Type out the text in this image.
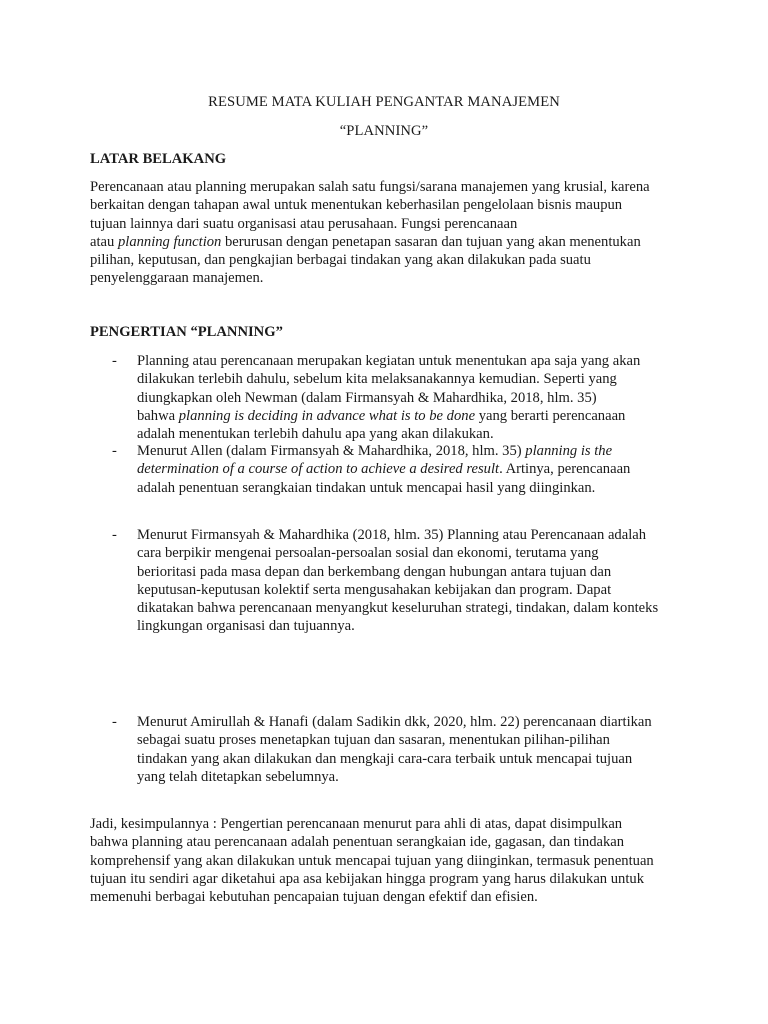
RESUME MATA KULIAH PENGANTAR MANAJEMEN
“PLANNING”
LATAR BELAKANG
Perencanaan atau planning merupakan salah satu fungsi/sarana manajemen yang krusial, karena
berkaitan dengan tahapan awal untuk menentukan keberhasilan pengelolaan bisnis maupun
tujuan lainnya dari suatu organisasi atau perusahaan. Fungsi perencanaan
atau planning function berurusan dengan penetapan sasaran dan tujuan yang akan menentukan
pilihan, keputusan, dan pengkajian berbagai tindakan yang akan dilakukan pada suatu
penyelenggaraan manajemen.
PENGERTIAN “PLANNING”
- Planning atau perencanaan merupakan kegiatan untuk menentukan apa saja yang akan
dilakukan terlebih dahulu, sebelum kita melaksanakannya kemudian. Seperti yang
diungkapkan oleh Newman (dalam Firmansyah & Mahardhika, 2018, hlm. 35)
bahwa planning is deciding in advance what is to be done yang berarti perencanaan
adalah menentukan terlebih dahulu apa yang akan dilakukan.
- Menurut Allen (dalam Firmansyah & Mahardhika, 2018, hlm. 35) planning is the
determination of a course of action to achieve a desired result. Artinya, perencanaan
adalah penentuan serangkaian tindakan untuk mencapai hasil yang diinginkan.
- Menurut Firmansyah & Mahardhika (2018, hlm. 35) Planning atau Perencanaan adalah
cara berpikir mengenai persoalan-persoalan sosial dan ekonomi, terutama yang
berioritasi pada masa depan dan berkembang dengan hubungan antara tujuan dan
keputusan-keputusan kolektif serta mengusahakan kebijakan dan program. Dapat
dikatakan bahwa perencanaan menyangkut keseluruhan strategi, tindakan, dalam konteks
lingkungan organisasi dan tujuannya.
- Menurut Amirullah & Hanafi (dalam Sadikin dkk, 2020, hlm. 22) perencanaan diartikan
sebagai suatu proses menetapkan tujuan dan sasaran, menentukan pilihan-pilihan
tindakan yang akan dilakukan dan mengkaji cara-cara terbaik untuk mencapai tujuan
yang telah ditetapkan sebelumnya.
Jadi, kesimpulannya : Pengertian perencanaan menurut para ahli di atas, dapat disimpulkan
bahwa planning atau perencanaan adalah penentuan serangkaian ide, gagasan, dan tindakan
komprehensif yang akan dilakukan untuk mencapai tujuan yang diinginkan, termasuk penentuan
tujuan itu sendiri agar diketahui apa asa kebijakan hingga program yang harus dilakukan untuk
memenuhi berbagai kebutuhan pencapaian tujuan dengan efektif dan efisien.
